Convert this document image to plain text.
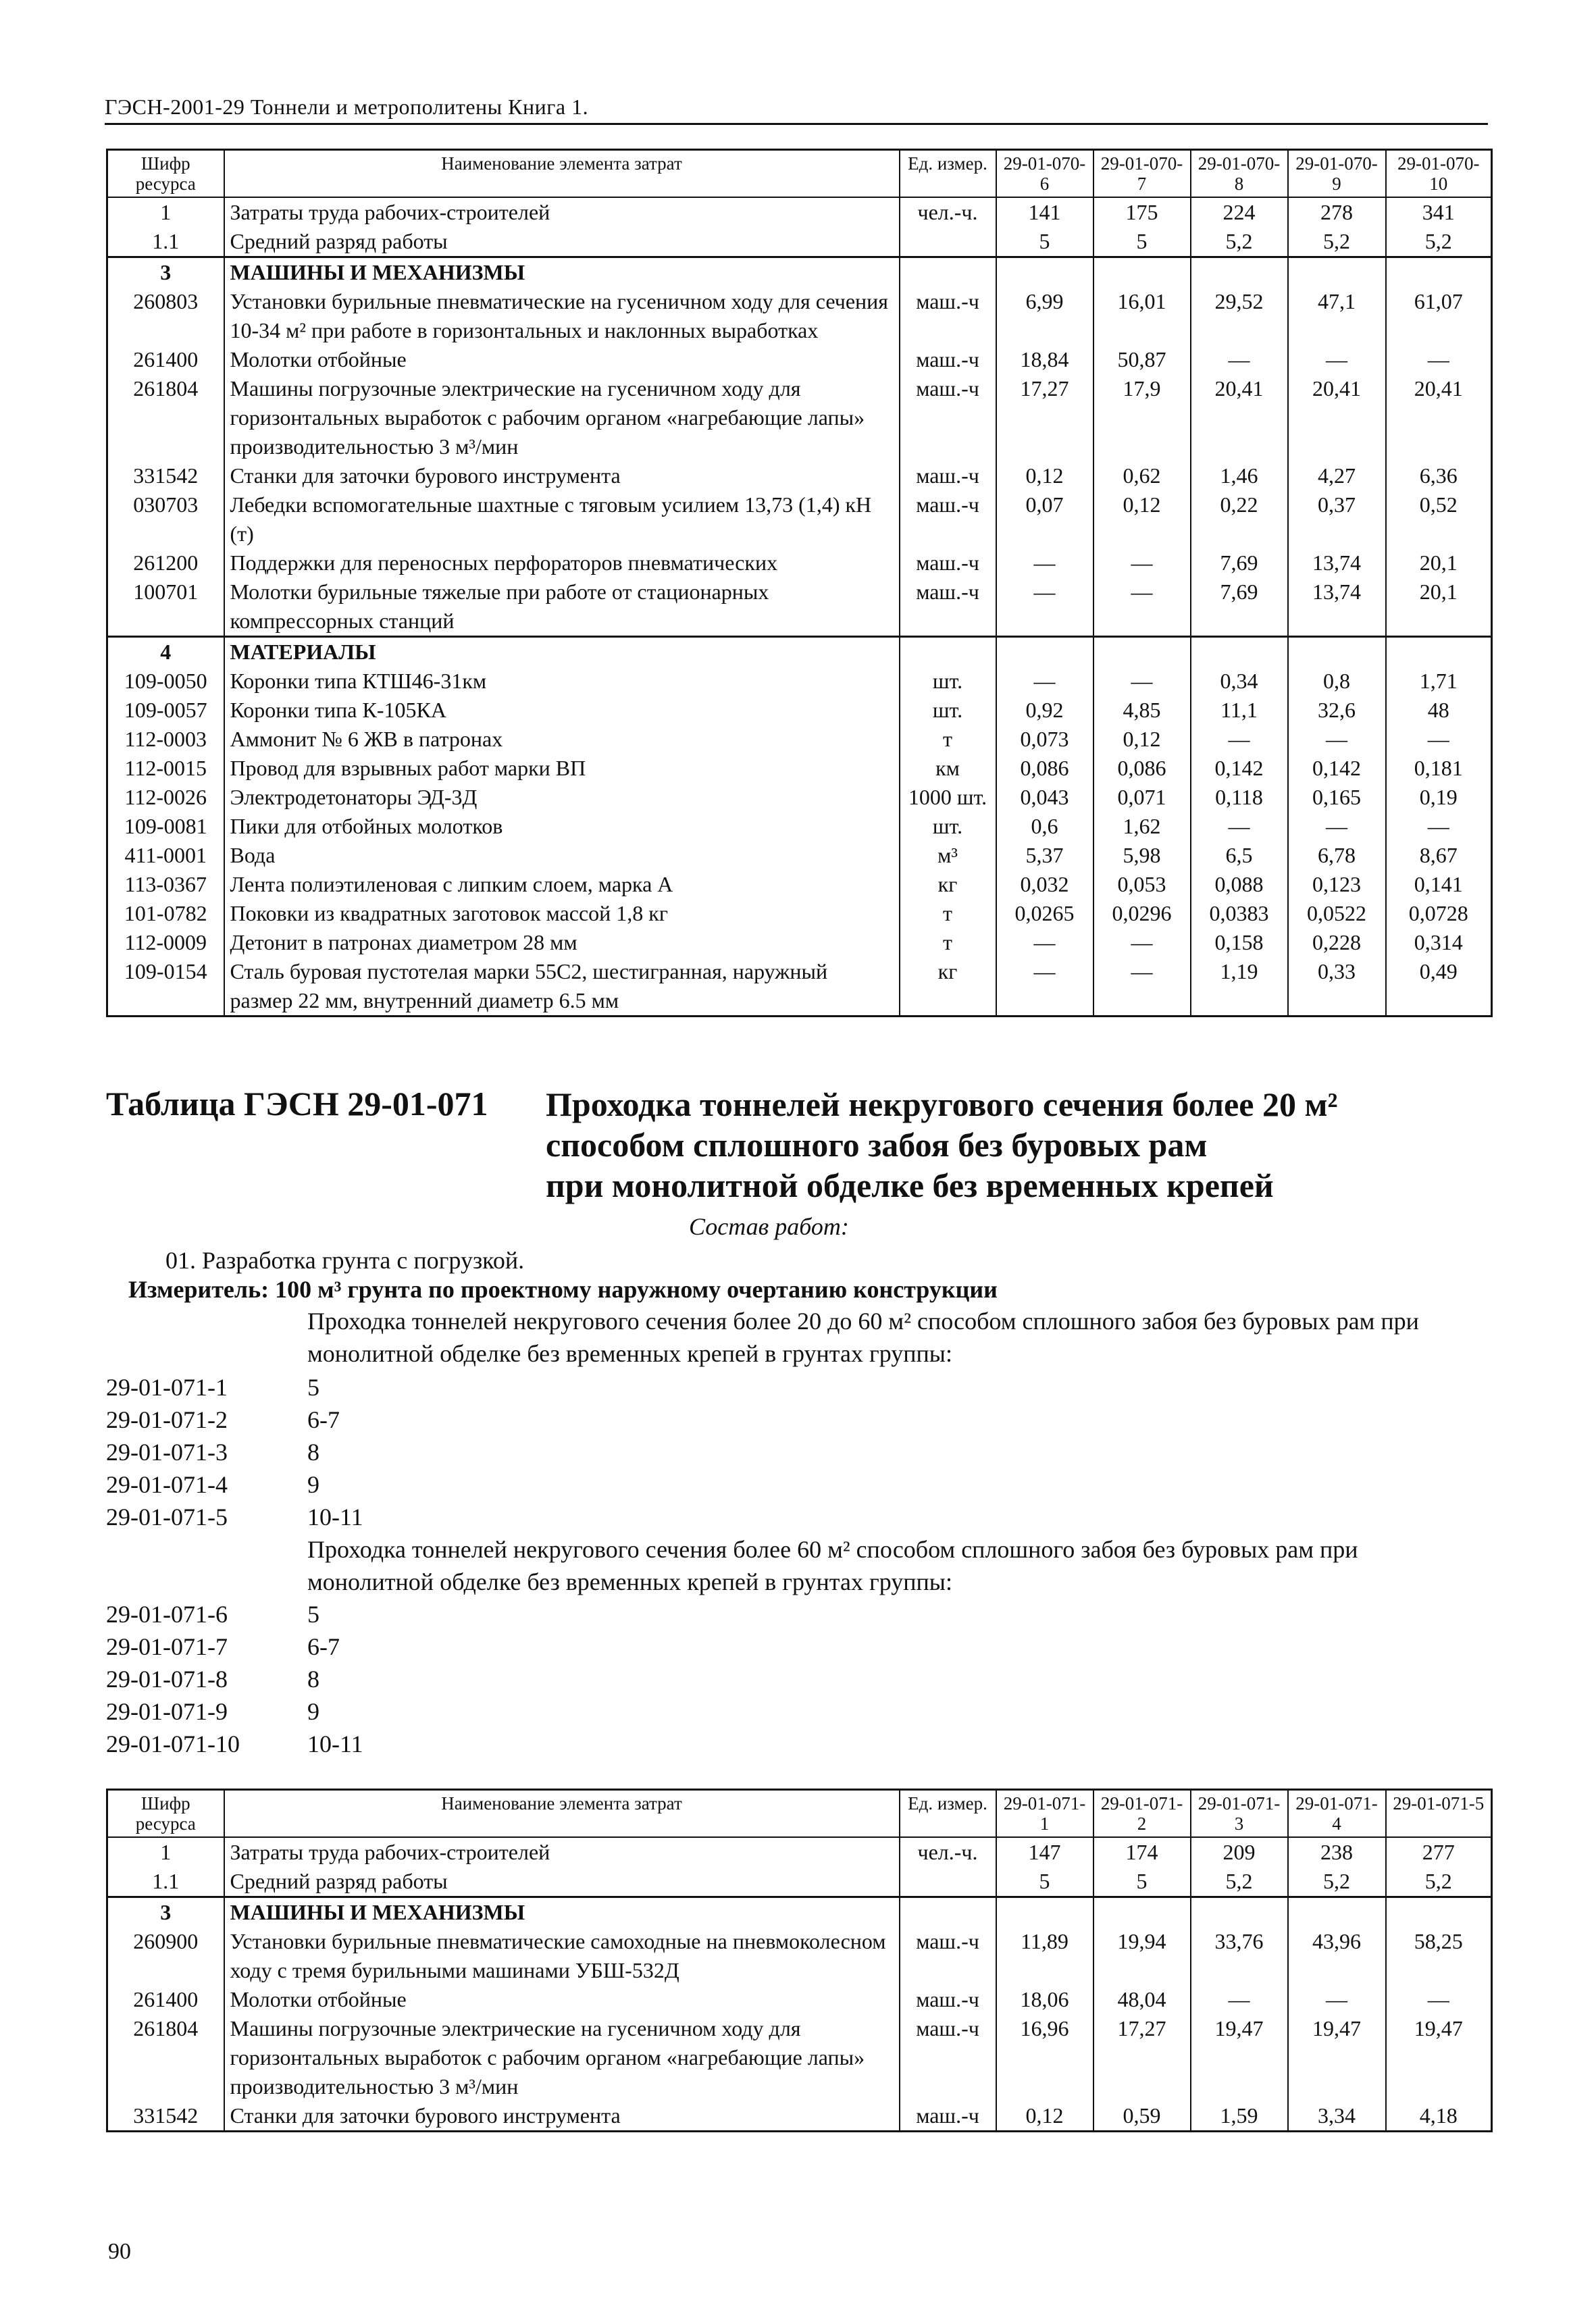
ГЭСН-2001-29 Тоннели и метрополитены Книга 1.
Шифр ресурса	Наименование элемента затрат	Ед. измер.	29-01-070-6	29-01-070-7	29-01-070-8	29-01-070-9	29-01-070-10
1	Затраты труда рабочих-строителей	чел.-ч.	141	175	224	278	341
1.1	Средний разряд работы		5	5	5,2	5,2	5,2
3	МАШИНЫ И МЕХАНИЗМЫ						
260803	Установки бурильные пневматические на гусеничном ходу для сечения 10-34 м² при работе в горизонтальных и наклонных выработках	маш.-ч	6,99	16,01	29,52	47,1	61,07
261400	Молотки отбойные	маш.-ч	18,84	50,87	—	—	—
261804	Машины погрузочные электрические на гусеничном ходу для горизонтальных выработок с рабочим органом «нагребающие лапы» производительностью 3 м³/мин	маш.-ч	17,27	17,9	20,41	20,41	20,41
331542	Станки для заточки бурового инструмента	маш.-ч	0,12	0,62	1,46	4,27	6,36
030703	Лебедки вспомогательные шахтные с тяговым усилием 13,73 (1,4) кН (т)	маш.-ч	0,07	0,12	0,22	0,37	0,52
261200	Поддержки для переносных перфораторов пневматических	маш.-ч	—	—	7,69	13,74	20,1
100701	Молотки бурильные тяжелые при работе от стационарных компрессорных станций	маш.-ч	—	—	7,69	13,74	20,1
4	МАТЕРИАЛЫ						
109-0050	Коронки типа КТШ46-31км	шт.	—	—	0,34	0,8	1,71
109-0057	Коронки типа К-105КА	шт.	0,92	4,85	11,1	32,6	48
112-0003	Аммонит № 6 ЖВ в патронах	т	0,073	0,12	—	—	—
112-0015	Провод для взрывных работ марки ВП	км	0,086	0,086	0,142	0,142	0,181
112-0026	Электродетонаторы ЭД-3Д	1000 шт.	0,043	0,071	0,118	0,165	0,19
109-0081	Пики для отбойных молотков	шт.	0,6	1,62	—	—	—
411-0001	Вода	м³	5,37	5,98	6,5	6,78	8,67
113-0367	Лента полиэтиленовая с липким слоем, марка А	кг	0,032	0,053	0,088	0,123	0,141
101-0782	Поковки из квадратных заготовок массой 1,8 кг	т	0,0265	0,0296	0,0383	0,0522	0,0728
112-0009	Детонит в патронах диаметром 28 мм	т	—	—	0,158	0,228	0,314
109-0154	Сталь буровая пустотелая марки 55С2, шестигранная, наружный размер 22 мм, внутренний диаметр 6.5 мм	кг	—	—	1,19	0,33	0,49
Таблица ГЭСН 29-01-071 Проходка тоннелей некругового сечения более 20 м²
способом сплошного забоя без буровых рам
при монолитной обделке без временных крепей
Состав работ:
01. Разработка грунта с погрузкой.
Измеритель: 100 м³ грунта по проектному наружному очертанию конструкции
Проходка тоннелей некругового сечения более 20 до 60 м² способом сплошного забоя без буровых рам при монолитной обделке без временных крепей в грунтах группы:
29-01-071-1	5
29-01-071-2	6-7
29-01-071-3	8
29-01-071-4	9
29-01-071-5	10-11
Проходка тоннелей некругового сечения более 60 м² способом сплошного забоя без буровых рам при монолитной обделке без временных крепей в грунтах группы:
29-01-071-6	5
29-01-071-7	6-7
29-01-071-8	8
29-01-071-9	9
29-01-071-10	10-11
Шифр ресурса	Наименование элемента затрат	Ед. измер.	29-01-071-1	29-01-071-2	29-01-071-3	29-01-071-4	29-01-071-5
1	Затраты труда рабочих-строителей	чел.-ч.	147	174	209	238	277
1.1	Средний разряд работы		5	5	5,2	5,2	5,2
3	МАШИНЫ И МЕХАНИЗМЫ						
260900	Установки бурильные пневматические самоходные на пневмоколесном ходу с тремя бурильными машинами УБШ-532Д	маш.-ч	11,89	19,94	33,76	43,96	58,25
261400	Молотки отбойные	маш.-ч	18,06	48,04	—	—	—
261804	Машины погрузочные электрические на гусеничном ходу для горизонтальных выработок с рабочим органом «нагребающие лапы» производительностью 3 м³/мин	маш.-ч	16,96	17,27	19,47	19,47	19,47
331542	Станки для заточки бурового инструмента	маш.-ч	0,12	0,59	1,59	3,34	4,18
90
